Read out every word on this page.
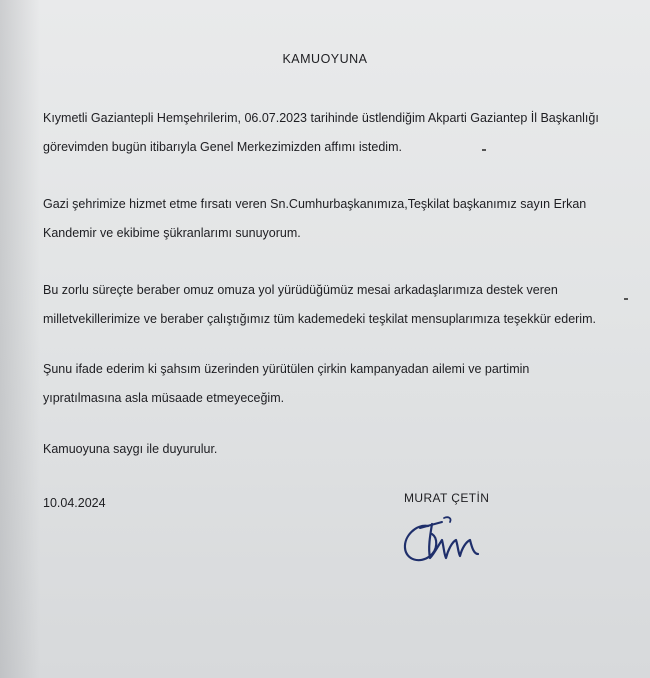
KAMUOYUNA
Kıymetli Gaziantepli Hemşehrilerim, 06.07.2023 tarihinde üstlendiğim Akparti Gaziantep İl Başkanlığı
görevimden bugün itibarıyla Genel Merkezimizden affımı istedim.
Gazi şehrimize hizmet etme fırsatı veren Sn.Cumhurbaşkanımıza,Teşkilat başkanımız sayın Erkan
Kandemir ve ekibime şükranlarımı sunuyorum.
Bu zorlu süreçte beraber omuz omuza yol yürüdüğümüz mesai arkadaşlarımıza destek veren
milletvekillerimize ve beraber çalıştığımız tüm kademedeki teşkilat mensuplarımıza teşekkür ederim.
Şunu ifade ederim ki şahsım üzerinden yürütülen çirkin kampanyadan ailemi ve partimin
yıpratılmasına asla müsaade etmeyeceğim.
Kamuoyuna saygı ile duyurulur.
10.04.2024	MURAT ÇETİN
